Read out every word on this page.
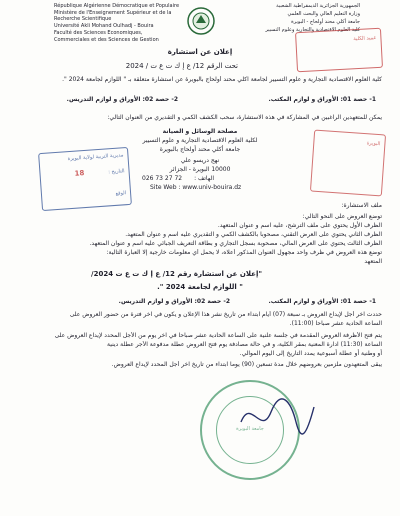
République Algérienne Démocratique et Populaire
Ministère de l'Enseignement Supérieur et de la Recherche Scientifique
Université Akli Mohand Oulhadj - Bouira
Faculté des Sciences Economiques,
Commerciales et des Sciences de Gestion
الجمهورية الجزائرية الديمقراطية الشعبية
وزارة التعليم العالي والبحث العلمي
جامعة أكلي محند أولحاج - البويرة
كلية العلوم الاقتصادية والتجارية وعلوم التسيير
إعلان عن استشارة
تحت الرقم 12/ ع إ ك ت ع ت / 2024
كلية العلوم الاقتصادية التجارية و علوم التسيير لجامعة آكلي محند أولحاج بالبويرة عن استشارة متعلقة بـ " اللوازم لجامعة 2024 ".
1- حصة 01: الأوراق و لوازم المكتب.
2- حصة 02: الأوراق و لوازم التدريس.
يمكن للمتعهدين الراغبين في المشاركة في هذه الاستشارة، سحب الكشف الكمي و التقديري من العنوان التالي:
مصلحة الوسائل و الصيانة
لكلية العلوم الاقتصادية التجارية و علوم التسيير
جامعة أكلي محند أولحاج بالبويرة
نهج دريسو علي
10000 البويرة - الجزائر
026 73 27 72 الهاتف :
Site Web : www.univ-bouira.dz
ملف الاستشارة:
توضع العروض على النحو التالي:
الظرف الأول يحتوي على ملف الترشح، عليه اسم و عنوان المتعهد.
الظرف الثاني يحتوي على العرض التقني، مصحوبا بالكشف الكمي و التقديري عليه اسم و عنوان المتعهد.
الظرف الثالث يحتوي على العرض المالي، مصحوبة بسجل التجاري و بطاقة التعريف الجبائي عليه اسم و عنوان المتعهد.
توضع هذه العروض في ظرف واحد مجهول العنوان المذكور أعلاه، لا يحمل أي معلومات خارجية إلا العبارة التالية:
المتعهد
"إعلان عن استشارة رقم 12/ ع إ ك ت ع ت 2024/
" اللوازم لجامعة 2024 ".
1- حصة 01: الأوراق و لوازم المكتب.
2- حصة 02: الأوراق و لوازم التدريس.
حددت آخر أجل لإيداع العروض بـ سبعة (07) أيام ابتداء من تاريخ نشر هذا الإعلان و يكون في آخر فترة من حضور العروض على
الساعة الحادية عشر صباحا (11:00).
يتم فتح الأظرفة العروض المقدمة في جلسة علنية على الساعة الحادية عشر صباحا في آخر يوم من الأجل المحدد لإيداع العروض على
الساعة (11:30) ادارة المعنية بمقر الكلية، و في حالة مصادفة يوم فتح العروض عطلة مدفوعة الأجر عطلة دينية
أو وطنية أو عطلة أسبوعية يمدد التاريخ إلى اليوم الموالي.
يبقى المتعهدون ملزمين بعروضهم خلال مدة تسعين (90) يوما ابتداء من تاريخ آخر أجل المحدد لإيداع العروض.
عميد الكلية
البويرة
مديرية التربية لولاية البويرة
التاريخ :
18
الوقع
جامعة البويرة
